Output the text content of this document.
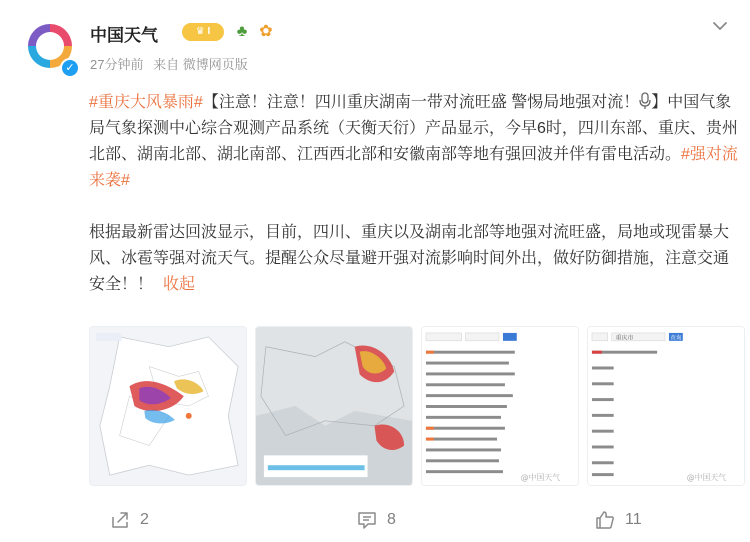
✓
中国天气	♛ I	♣ ✿
27分钟前 来自 微博网页版

#重庆大风暴雨#【注意！注意！四川重庆湖南一带对流旺盛 警惕局地强对流！ 】中国气象局气象探测中心综合观测产品系统（天衡天衍）产品显示，今早6时，四川东部、重庆、贵州北部、湖南北部、湖北南部、江西西北部和安徽南部等地有强回波并伴有雷电活动。#强对流来袭#

根据最新雷达回波显示，目前，四川、重庆以及湖南北部等地强对流旺盛，局地或现雷暴大风、冰雹等强对流天气。提醒公众尽量避开强对流影响时间外出，做好防御措施，注意交通安全！！ 收起

@中国天气
重庆市	查询
@中国天气
2	8	11
